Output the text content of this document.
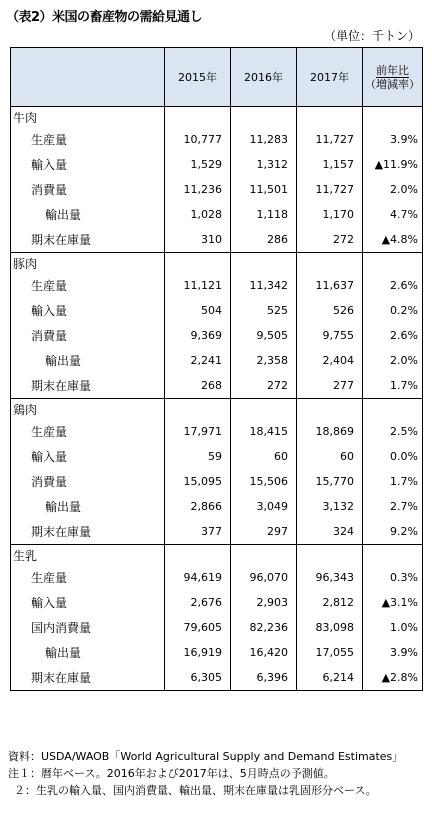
（表2）米国の畜産物の需給見通し
（単位：千トン）
	2015年	2016年	2017年	前年比
（増減率）

牛肉				
生産量	10,777	11,283	11,727	3.9%
輸入量	1,529	1,312	1,157	▲11.9%
消費量	11,236	11,501	11,727	2.0%
輸出量	1,028	1,118	1,170	4.7%
期末在庫量	310	286	272	▲4.8%
豚肉				
生産量	11,121	11,342	11,637	2.6%
輸入量	504	525	526	0.2%
消費量	9,369	9,505	9,755	2.6%
輸出量	2,241	2,358	2,404	2.0%
期末在庫量	268	272	277	1.7%
鶏肉				
生産量	17,971	18,415	18,869	2.5%
輸入量	59	60	60	0.0%
消費量	15,095	15,506	15,770	1.7%
輸出量	2,866	3,049	3,132	2.7%
期末在庫量	377	297	324	9.2%
生乳				
生産量	94,619	96,070	96,343	0.3%
輸入量	2,676	2,903	2,812	▲3.1%
国内消費量	79,605	82,236	83,098	1.0%
輸出量	16,919	16,420	17,055	3.9%
期末在庫量	6,305	6,396	6,214	▲2.8%
資料：USDA/WAOB「World Agricultural Supply and Demand Estimates」
注１：暦年ベース。2016年および2017年は、5月時点の予測値。
２：生乳の輸入量、国内消費量、輸出量、期末在庫量は乳固形分ベース。
